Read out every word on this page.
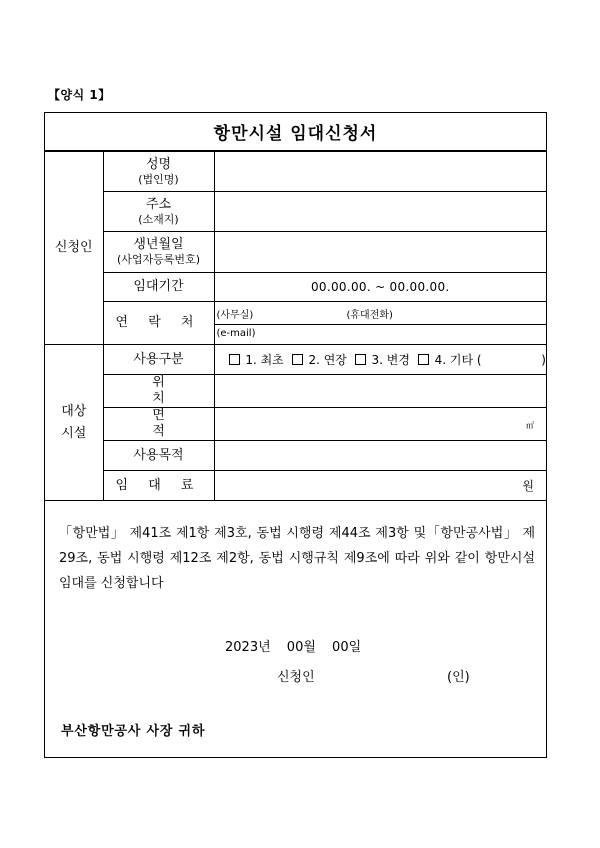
【양식 1】
항만시설 임대신청서
신청인	성명
(법인명)	

	주소
(소재지)	

	생년월일
(사업자등록번호)	

	임대기간	00.00.00. ~ 00.00.00.

	연 락 처	(사무실) (휴대전화)
(e-mail)

대상
시설	사용구분	1. 최초 2. 연장 3. 변경 4. 기타 ( )

	위 치	

	면 적	㎡

	사용목적	

	임 대 료	원
「항만법」 제41조 제1항 제3호, 동법 시행령 제44조 제3항 및「항만공사법」 제29조, 동법 시행령 제12조 제2항, 동법 시행규칙 제9조에 따라 위와 같이 항만시설 임대를 신청합니다
2023년 00월 00일
신청인	(인)
부산항만공사 사장 귀하
